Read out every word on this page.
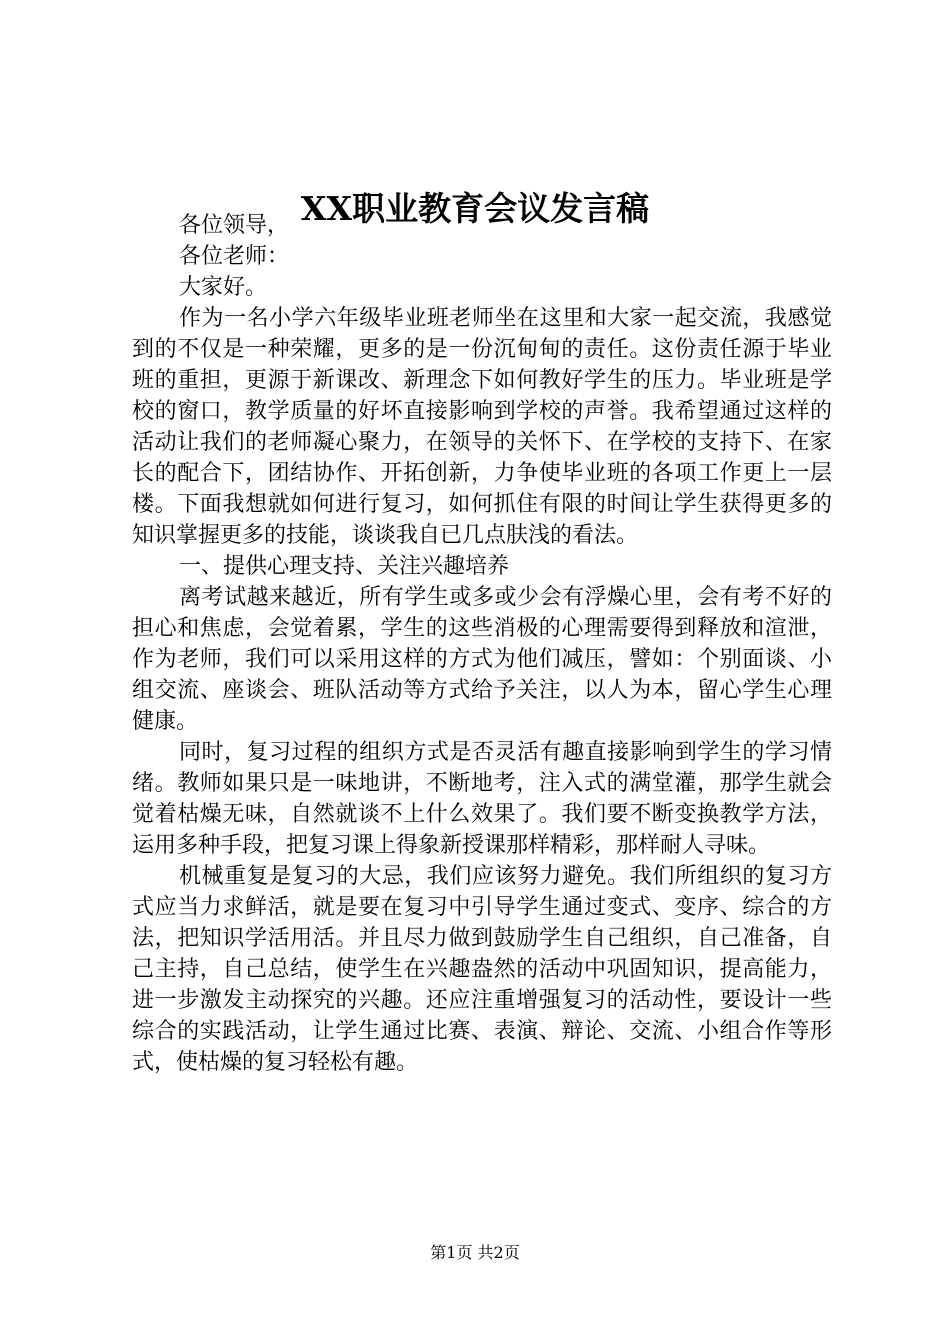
XX职业教育会议发言稿

各位领导，

各位老师：

大家好。

作为一名小学六年级毕业班老师坐在这里和大家一起交流，我感觉到的不仅是一种荣耀，更多的是一份沉甸甸的责任。这份责任源于毕业班的重担，更源于新课改、新理念下如何教好学生的压力。毕业班是学校的窗口，教学质量的好坏直接影响到学校的声誉。我希望通过这样的活动让我们的老师凝心聚力，在领导的关怀下、在学校的支持下、在家长的配合下，团结协作、开拓创新，力争使毕业班的各项工作更上一层楼。下面我想就如何进行复习，如何抓住有限的时间让学生获得更多的知识掌握更多的技能，谈谈我自已几点肤浅的看法。

一、提供心理支持、关注兴趣培养

离考试越来越近，所有学生或多或少会有浮燥心里，会有考不好的担心和焦虑，会觉着累，学生的这些消极的心理需要得到释放和渲泄，作为老师，我们可以采用这样的方式为他们减压，譬如：个别面谈、小组交流、座谈会、班队活动等方式给予关注，以人为本，留心学生心理健康。

同时，复习过程的组织方式是否灵活有趣直接影响到学生的学习情绪。教师如果只是一味地讲，不断地考，注入式的满堂灌，那学生就会觉着枯燥无味，自然就谈不上什么效果了。我们要不断变换教学方法，运用多种手段，把复习课上得象新授课那样精彩，那样耐人寻味。

机械重复是复习的大忌，我们应该努力避免。我们所组织的复习方式应当力求鲜活，就是要在复习中引导学生通过变式、变序、综合的方法，把知识学活用活。并且尽力做到鼓励学生自己组织，自己准备，自己主持，自己总结，使学生在兴趣盎然的活动中巩固知识，提高能力，进一步激发主动探究的兴趣。还应注重增强复习的活动性，要设计一些综合的实践活动，让学生通过比赛、表演、辩论、交流、小组合作等形式，使枯燥的复习轻松有趣。

第1页 共2页
